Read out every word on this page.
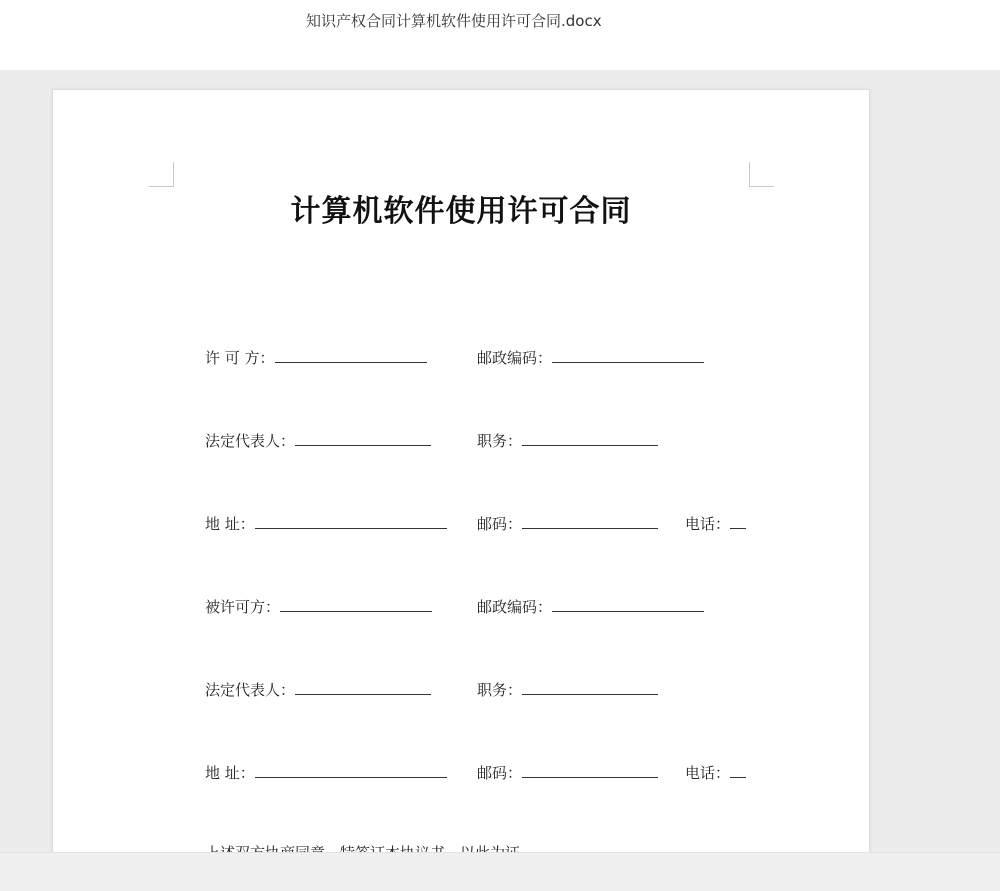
知识产权合同计算机软件使用许可合同.docx
计算机软件使用许可合同
许 可 方：	邮政编码：
法定代表人：	职务：
地 址：	邮码：	电话：
被许可方：	邮政编码：
法定代表人：	职务：
地 址：	邮码：	电话：
